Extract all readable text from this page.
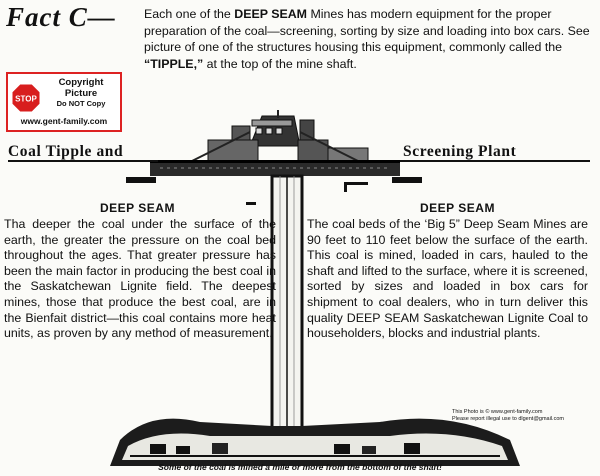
Fact C— Each one of the DEEP SEAM Mines has modern equipment for the proper preparation of the coal—screening, sorting by size and loading into box cars. See picture of one of the structures housing this equipment, commonly called the “TIPPLE,” at the top of the mine shaft.
Coal Tipple and	Screening Plant
DEEP SEAM	DEEP SEAM
Tha deeper the coal under the surface of the earth, the greater the pressure on the coal bed throughout the ages. That greater pressure has been the main factor in producing the best coal in the Saskatchewan Lignite field. The deepest mines, those that produce the best coal, are in the Bienfait district—this coal contains more heat units, as proven by any method of measurement.
The coal beds of the ‘Big 5” Deep Seam Mines are 90 feet to 110 feet below the surface of the earth. This coal is mined, loaded in cars, hauled to the shaft and lifted to the surface, where it is screened, sorted by sizes and loaded in box cars for shipment to coal dealers, who in turn deliver this quality DEEP SEAM Saskatchewan Lignite Coal to householders, blocks and industrial plants.
This Photo is © www.gent-family.com
Please report illegal use to dlgent@gmail.com
Some of the coal is mined a mile or more from the bottom of the shaft!
STOP
Copyright
Picture
Do NOT Copy
www.gent-family.com
